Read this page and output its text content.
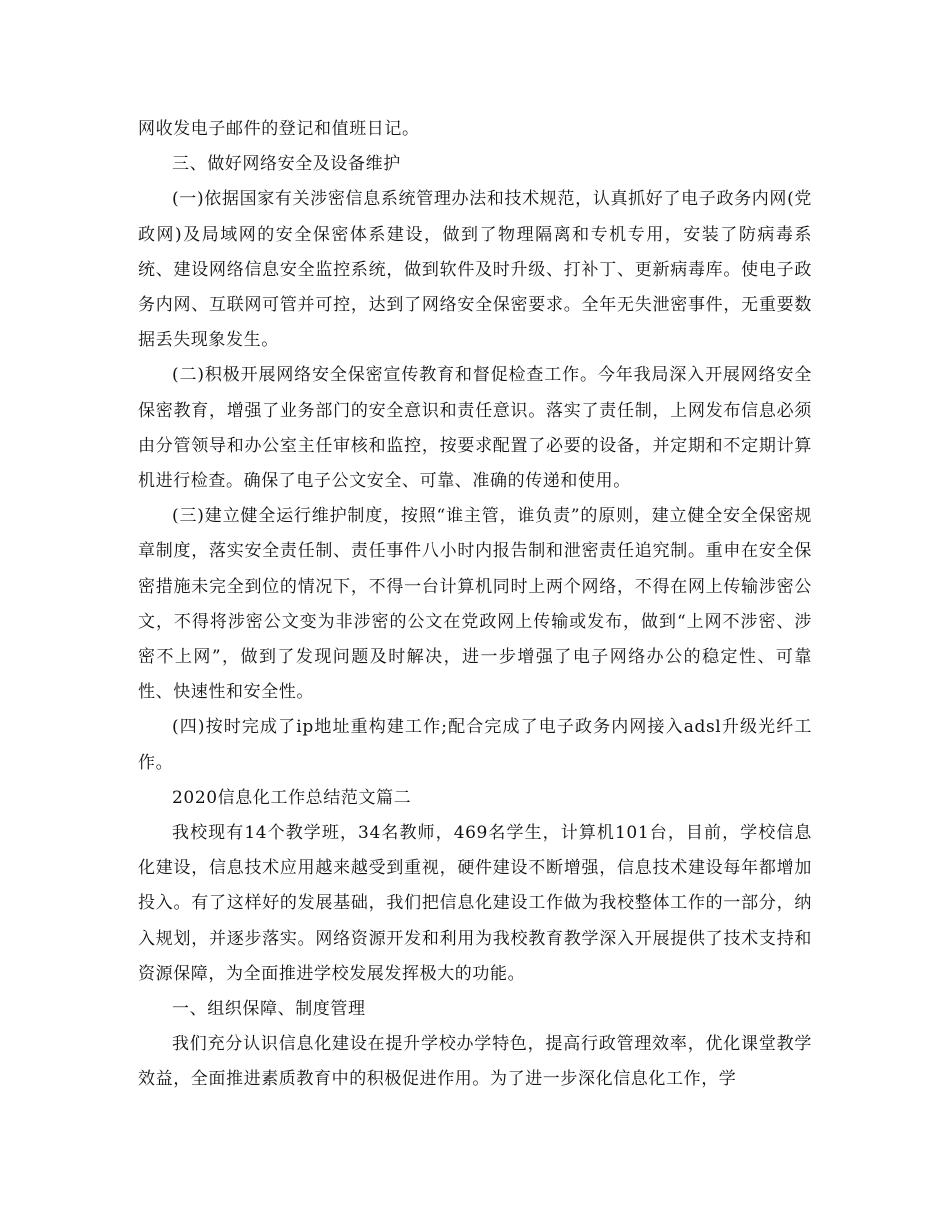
网收发电子邮件的登记和值班日记。

三、做好网络安全及设备维护

(一)依据国家有关涉密信息系统管理办法和技术规范，认真抓好了电子政务内网(党政网)及局域网的安全保密体系建设，做到了物理隔离和专机专用，安装了防病毒系统、建设网络信息安全监控系统，做到软件及时升级、打补丁、更新病毒库。使电子政务内网、互联网可管并可控，达到了网络安全保密要求。全年无失泄密事件，无重要数据丢失现象发生。

(二)积极开展网络安全保密宣传教育和督促检查工作。今年我局深入开展网络安全保密教育，增强了业务部门的安全意识和责任意识。落实了责任制，上网发布信息必须由分管领导和办公室主任审核和监控，按要求配置了必要的设备，并定期和不定期计算机进行检查。确保了电子公文安全、可靠、准确的传递和使用。

(三)建立健全运行维护制度，按照“谁主管，谁负责”的原则，建立健全安全保密规章制度，落实安全责任制、责任事件八小时内报告制和泄密责任追究制。重申在安全保密措施未完全到位的情况下，不得一台计算机同时上两个网络，不得在网上传输涉密公文，不得将涉密公文变为非涉密的公文在党政网上传输或发布，做到“上网不涉密、涉密不上网”，做到了发现问题及时解决，进一步增强了电子网络办公的稳定性、可靠性、快速性和安全性。

(四)按时完成了ip地址重构建工作;配合完成了电子政务内网接入adsl升级光纤工作。

2020信息化工作总结范文篇二

我校现有14个教学班，34名教师，469名学生，计算机101台，目前，学校信息化建设，信息技术应用越来越受到重视，硬件建设不断增强，信息技术建设每年都增加投入。有了这样好的发展基础，我们把信息化建设工作做为我校整体工作的一部分，纳入规划，并逐步落实。网络资源开发和利用为我校教育教学深入开展提供了技术支持和资源保障，为全面推进学校发展发挥极大的功能。

一、组织保障、制度管理

我们充分认识信息化建设在提升学校办学特色，提高行政管理效率，优化课堂教学效益，全面推进素质教育中的积极促进作用。为了进一步深化信息化工作，学
